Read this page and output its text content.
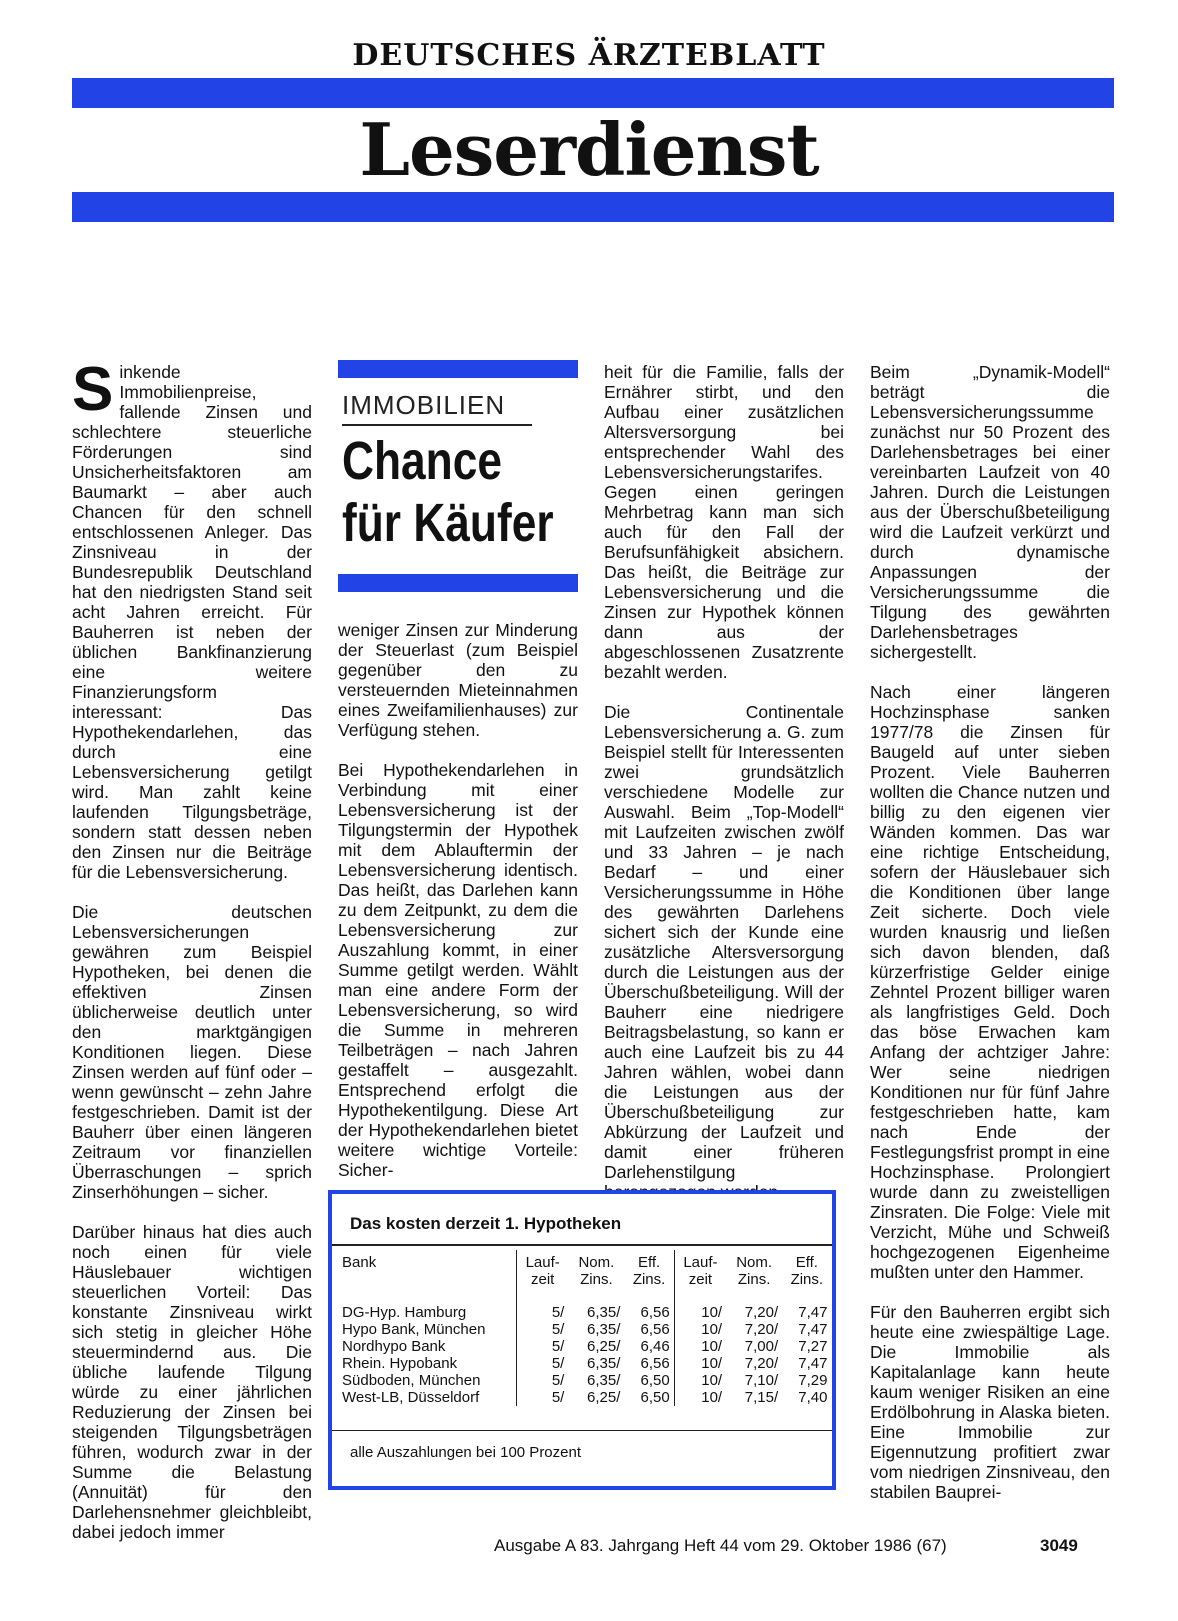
DEUTSCHES ÄRZTEBLATT
Leserdienst

Sinkende Immobilienpreise, fallende Zinsen und schlechtere steuerliche Förderungen sind Unsicherheitsfaktoren am Baumarkt – aber auch Chancen für den schnell entschlossenen Anleger. Das Zinsniveau in der Bundesrepublik Deutschland hat den niedrigsten Stand seit acht Jahren erreicht. Für Bauherren ist neben der üblichen Bankfinanzierung eine weitere Finanzierungsform interessant: Das Hypothekendarlehen, das durch eine Lebensversicherung getilgt wird. Man zahlt keine laufenden Tilgungsbeträge, sondern statt dessen neben den Zinsen nur die Beiträge für die Lebensversicherung.

Die deutschen Lebensversicherungen gewähren zum Beispiel Hypotheken, bei denen die effektiven Zinsen üblicherweise deutlich unter den marktgängigen Konditionen liegen. Diese Zinsen werden auf fünf oder – wenn gewünscht – zehn Jahre festgeschrieben. Damit ist der Bauherr über einen längeren Zeitraum vor finanziellen Überraschungen – sprich Zinserhöhungen – sicher.

Darüber hinaus hat dies auch noch einen für viele Häuslebauer wichtigen steuerlichen Vorteil: Das konstante Zinsniveau wirkt sich stetig in gleicher Höhe steuermindernd aus. Die übliche laufende Tilgung würde zu einer jährlichen Reduzierung der Zinsen bei steigenden Tilgungsbeträgen führen, wodurch zwar in der Summe die Belastung (Annuität) für den Darlehensnehmer gleichbleibt, dabei jedoch immer

IMMOBILIEN
Chance
für Käufer

weniger Zinsen zur Minderung der Steuerlast (zum Beispiel gegenüber den zu versteuernden Mieteinnahmen eines Zweifamilienhauses) zur Verfügung stehen.

Bei Hypothekendarlehen in Verbindung mit einer Lebensversicherung ist der Tilgungstermin der Hypothek mit dem Ablauftermin der Lebensversicherung identisch. Das heißt, das Darlehen kann zu dem Zeitpunkt, zu dem die Lebensversicherung zur Auszahlung kommt, in einer Summe getilgt werden. Wählt man eine andere Form der Lebensversicherung, so wird die Summe in mehreren Teilbeträgen – nach Jahren gestaffelt – ausgezahlt. Entsprechend erfolgt die Hypothekentilgung. Diese Art der Hypothekendarlehen bietet weitere wichtige Vorteile: Sicher-

heit für die Familie, falls der Ernährer stirbt, und den Aufbau einer zusätzlichen Altersversorgung bei entsprechender Wahl des Lebensversicherungstarifes. Gegen einen geringen Mehrbetrag kann man sich auch für den Fall der Berufsunfähigkeit absichern. Das heißt, die Beiträge zur Lebensversicherung und die Zinsen zur Hypothek können dann aus der abgeschlossenen Zusatzrente bezahlt werden.

Die Continentale Lebensversicherung a. G. zum Beispiel stellt für Interessenten zwei grundsätzlich verschiedene Modelle zur Auswahl. Beim „Top-Modell“ mit Laufzeiten zwischen zwölf und 33 Jahren – je nach Bedarf – und einer Versicherungssumme in Höhe des gewährten Darlehens sichert sich der Kunde eine zusätzliche Altersversorgung durch die Leistungen aus der Überschußbeteiligung. Will der Bauherr eine niedrigere Beitragsbelastung, so kann er auch eine Laufzeit bis zu 44 Jahren wählen, wobei dann die Leistungen aus der Überschußbeteiligung zur Abkürzung der Laufzeit und damit einer früheren Darlehenstilgung

Beim „Dynamik-Modell“ beträgt die Lebensversicherungssumme zunächst nur 50 Prozent des Darlehensbetrages bei einer vereinbarten Laufzeit von 40 Jahren. Durch die Leistungen aus der Überschußbeteiligung wird die Laufzeit verkürzt und durch dynamische Anpassungen der Versicherungssumme die Tilgung des gewährten Darlehensbetrages sichergestellt.

Nach einer längeren Hochzinsphase sanken 1977/78 die Zinsen für Baugeld auf unter sieben Prozent. Viele Bauherren wollten die Chance nutzen und billig zu den eigenen vier Wänden kommen. Das war eine richtige Entscheidung, sofern der Häuslebauer sich die Konditionen über lange Zeit sicherte. Doch viele wurden knausrig und ließen sich davon blenden, daß kürzerfristige Gelder einige Zehntel Prozent billiger waren als langfristiges Geld. Doch das böse Erwachen kam Anfang der achtziger Jahre: Wer seine niedrigen Konditionen nur für fünf Jahre festgeschrieben hatte, kam nach Ende der Festlegungsfrist prompt in eine Hochzinsphase. Prolongiert wurde dann zu zweistelligen Zinsraten. Die Folge: Viele mit Verzicht, Mühe und Schweiß hochgezogenen Eigenheime mußten unter den Hammer.

Für den Bauherren ergibt sich heute eine zwiespältige Lage. Die Immobilie als Kapitalanlage kann heute kaum weniger Risiken an eine Erdölbohrung in Alaska bieten. Eine Immobilie zur Eigennutzung profitiert zwar vom niedrigen Zinsniveau, den stabilen Bauprei-

Das kosten derzeit 1. Hypotheken
Bank	Lauf- zeit	Nom. Zins.	Eff. Zins.	Lauf- zeit	Nom. Zins.	Eff. Zins.
DG-Hyp. Hamburg	5/	6,35/	6,56	10/	7,20/	7,47
Hypo Bank, München	5/	6,35/	6,56	10/	7,20/	7,47
Nordhypo Bank	5/	6,25/	6,46	10/	7,00/	7,27
Rhein. Hypobank	5/	6,35/	6,56	10/	7,20/	7,47
Südboden, München	5/	6,35/	6,50	10/	7,10/	7,29
West-LB, Düsseldorf	5/	6,25/	6,50	10/	7,15/	7,40
alle Auszahlungen bei 100 Prozent
Ausgabe A 83. Jahrgang Heft 44 vom 29. Oktober 1986 (67)	3049
